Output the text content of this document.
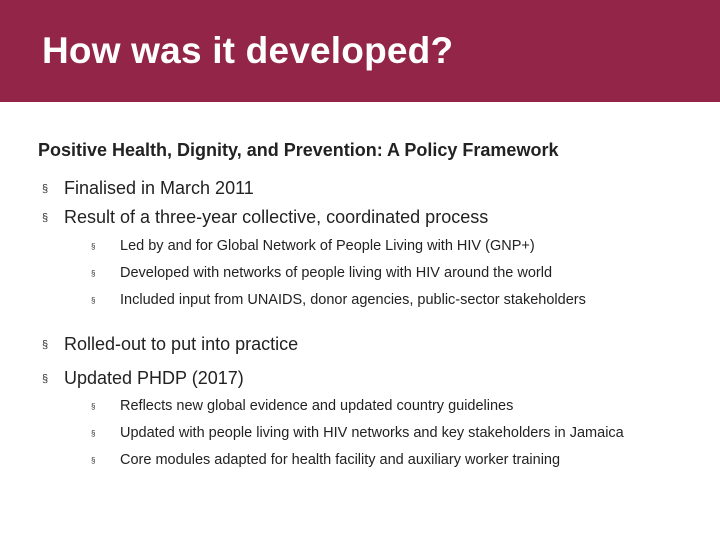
How was it developed?

Positive Health, Dignity, and Prevention: A Policy Framework

§ Finalised in March 2011
§ Result of a three-year collective, coordinated process
§	Led by and for Global Network of People Living with HIV (GNP+)
§	Developed with networks of people living with HIV around the world
§	Included input from UNAIDS, donor agencies, public-sector stakeholders
§ Rolled-out to put into practice
§ Updated PHDP (2017)
§	Reflects new global evidence and updated country guidelines
§	Updated with people living with HIV networks and key stakeholders in Jamaica
§	Core modules adapted for health facility and auxiliary worker training
